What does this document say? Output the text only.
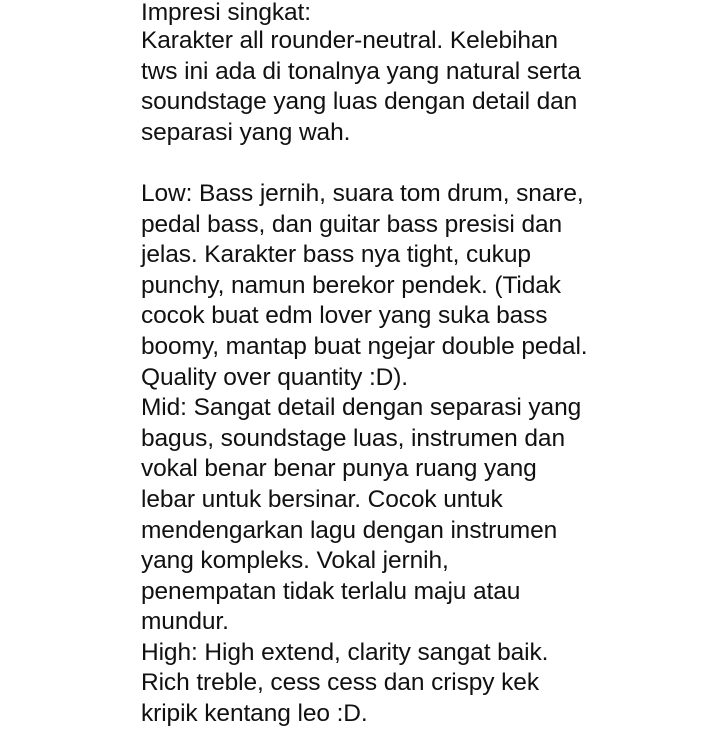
Impresi singkat:
Karakter all rounder-neutral. Kelebihan
tws ini ada di tonalnya yang natural serta
soundstage yang luas dengan detail dan
separasi yang wah.
Low: Bass jernih, suara tom drum, snare,
pedal bass, dan guitar bass presisi dan
jelas. Karakter bass nya tight, cukup
punchy, namun berekor pendek. (Tidak
cocok buat edm lover yang suka bass
boomy, mantap buat ngejar double pedal.
Quality over quantity :D).
Mid: Sangat detail dengan separasi yang
bagus, soundstage luas, instrumen dan
vokal benar benar punya ruang yang
lebar untuk bersinar. Cocok untuk
mendengarkan lagu dengan instrumen
yang kompleks. Vokal jernih,
penempatan tidak terlalu maju atau
mundur.
High: High extend, clarity sangat baik.
Rich treble, cess cess dan crispy kek
kripik kentang leo :D.
